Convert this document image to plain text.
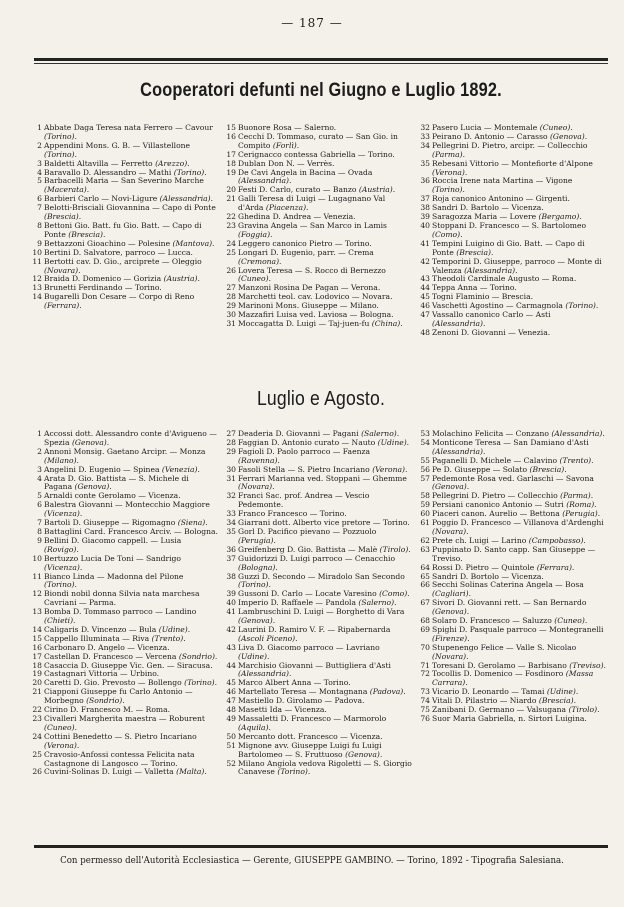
— 187 —
Cooperatori defunti nel Giugno e Luglio 1892.

1 Abbate Daga Teresa nata Ferrero — Cavour (Torino).

2 Appendini Mons. G. B. — Villastellone (Torino).

3 Baldetti Altavilla — Ferretto (Arezzo).

4 Baravallo D. Alessandro — Mathi (Torino).

5 Barbacelli Maria — San Severino Marche (Macerata).

6 Barbieri Carlo — Novi-Ligure (Alessandria).

7 Belotti-Brisciali Giovannina — Capo di Ponte (Brescia).

8 Bettoni Gio. Batt. fu Gio. Batt. — Capo di Ponte (Brescia).

9 Bettazzoni Gioachino — Polesine (Mantova).

10 Bertini D. Salvatore, parroco — Lucca.

11 Bertotti cav. D. Gio., arciprete — Oleggio (Novara).

12 Braida D. Domenico — Gorizia (Austria).

13 Brunetti Ferdinando — Torino.

14 Bugarelli Don Cesare — Corpo di Reno (Ferrara).

15 Buonore Rosa — Salerno.

16 Cecchi D. Tommaso, curato — San Gio. in Compito (Forlì).

17 Cerignacco contessa Gabriella — Torino.

18 Dublan Don N. — Verrès.

19 De Cavi Angela in Bacina — Ovada (Alessandria).

20 Festi D. Carlo, curato — Banzo (Austria).

21 Galli Teresa di Luigi — Lugagnano Val d'Arda (Piacenza).

22 Ghedina D. Andrea — Venezia.

23 Gravina Angela — San Marco in Lamis (Foggia).

24 Leggero canonico Pietro — Torino.

25 Longari D. Eugenio, parr. — Crema (Cremona).

26 Lovera Teresa — S. Rocco di Bernezzo (Cuneo).

27 Manzoni Rosina De Pagan — Verona.

28 Marchetti teol. cav. Lodovico — Novara.

29 Marinoni Mons. Giuseppe — Milano.

30 Mazzafiri Luisa ved. Laviosa — Bologna.

31 Moccagatta D. Luigi — Taj-juen-fu (China).

32 Pasero Lucia — Montemale (Cuneo).

33 Peirano D. Antonio — Carasso (Genova).

34 Pellegrini D. Pietro, arcipr. — Collecchio (Parma).

35 Rebesani Vittorio — Montefiorte d'Alpone (Verona).

36 Roccia Irene nata Martina — Vigone (Torino).

37 Roja canonico Antonino — Girgenti.

38 Sandri D. Bartolo — Vicenza.

39 Saragozza Maria — Lovere (Bergamo).

40 Stoppani D. Francesco — S. Bartolomeo (Como).

41 Tempini Luigino di Gio. Batt. — Capo di Ponte (Brescia).

42 Temporini D. Giuseppe, parroco — Monte di Valenza (Alessandria).

43 Theodoli Cardinale Augusto — Roma.

44 Teppa Anna — Torino.

45 Togni Flaminio — Brescia.

46 Vaschetti Agostino — Carmagnola (Torino).

47 Vassallo canonico Carlo — Asti (Alessandria).

48 Zenoni D. Giovanni — Venezia.

Luglio e Agosto.

1 Accossi dott. Alessandro conte d'Avigueno — Spezia (Genova).

2 Annoni Monsig. Gaetano Arcipr. — Monza (Milano).

3 Angelini D. Eugenio — Spinea (Venezia).

4 Arata D. Gio. Battista — S. Michele di Pagana (Genova).

5 Arnaldi conte Gerolamo — Vicenza.

6 Balestra Giovanni — Montecchio Maggiore (Vicenza).

7 Bartoli D. Giuseppe — Rigomagno (Siena).

8 Battaglini Card. Francesco Arciv. — Bologna.

9 Bellini D. Giacomo cappell. — Lusia (Rovigo).

10 Bertuzzo Lucia De Toni — Sandrigo (Vicenza).

11 Bianco Linda — Madonna del Pilone (Torino).

12 Biondi nobil donna Silvia nata marchesa Cavriani — Parma.

13 Bomba D. Tommaso parroco — Landino (Chieti).

14 Caligaris D. Vincenzo — Bula (Udine).

15 Cappello Illuminata — Riva (Trento).

16 Carbonaro D. Angelo — Vicenza.

17 Castellan D. Francesco — Vercena (Sondrio).

18 Casaccia D. Giuseppe Vic. Gen. — Siracusa.

19 Castagnari Vittoria — Urbino.

20 Caretti D. Gio. Prevosto — Bollengo (Torino).

21 Ciapponi Giuseppe fu Carlo Antonio — Morbegno (Sondrio).

22 Cirino D. Francesco M. — Roma.

23 Civalleri Margherita maestra — Roburent (Cuneo).

24 Cottini Benedetto — S. Pietro Incariano (Verona).

25 Cravosio-Anfossi contessa Felicita nata Castagnone di Langosco — Torino.

26 Cuvini-Solinas D. Luigi — Valletta (Malta).

27 Deaderia D. Giovanni — Pagani (Salerno).

28 Faggian D. Antonio curato — Nauto (Udine).

29 Fagioli D. Paolo parroco — Faenza (Ravenna).

30 Fasoli Stella — S. Pietro Incariano (Verona).

31 Ferrari Marianna ved. Stoppani — Ghemme (Novara).

32 Franci Sac. prof. Andrea — Vescio Pedemonte.

33 Franco Francesco — Torino.

34 Giarrani dott. Alberto vice pretore — Torino.

35 Gorl D. Pacifico pievano — Pozzuolo (Perugia).

36 Greifenberg D. Gio. Battista — Malè (Tirolo).

37 Guidorizzi D. Luigi parroco — Cenacchio (Bologna).

38 Guzzi D. Secondo — Miradolo San Secondo (Torino).

39 Gussoni D. Carlo — Locate Varesino (Como).

40 Imperio D. Raffaele — Pandola (Salerno).

41 Lambruschini D. Luigi — Borghetto di Vara (Genova).

42 Laurini D. Ramiro V. F. — Ripabernarda (Ascoli Piceno).

43 Liva D. Giacomo parroco — Lavriano (Udine).

44 Marchisio Giovanni — Buttigliera d'Asti (Alessandria).

45 Marco Albert Anna — Torino.

46 Martellato Teresa — Montagnana (Padova).

47 Mastiello D. Girolamo — Padova.

48 Masetti Ida — Vicenza.

49 Massaletti D. Francesco — Marmorolo (Aquila).

50 Mercanto dott. Francesco — Vicenza.

51 Mignone avv. Giuseppe Luigi fu Luigi Bartolomeo — S. Fruttuoso (Genova).

52 Milano Angiola vedova Rigoletti — S. Giorgio Canavese (Torino).

53 Molachino Felicita — Conzano (Alessandria).

54 Monticone Teresa — San Damiano d'Asti (Alessandria).

55 Paganelli D. Michele — Calavino (Trento).

56 Pe D. Giuseppe — Solato (Brescia).

57 Pedemonte Rosa ved. Garlaschi — Savona (Genova).

58 Pellegrini D. Pietro — Collecchio (Parma).

59 Persiani canonico Antonio — Sutri (Roma).

60 Piaceri canon. Aurelio — Bettona (Perugia).

61 Poggio D. Francesco — Villanova d'Ardenghi (Novara).

62 Prete ch. Luigi — Larino (Campobasso).

63 Puppinato D. Santo capp. San Giuseppe — Treviso.

64 Rossi D. Pietro — Quintole (Ferrara).

65 Sandri D. Bortolo — Vicenza.

66 Secchi Solinas Caterina Angela — Bosa (Cagliari).

67 Sivori D. Giovanni rett. — San Bernardo (Genova).

68 Solaro D. Francesco — Saluzzo (Cuneo).

69 Spighi D. Pasquale parroco — Montegranelli (Firenze).

70 Stupenengo Felice — Valle S. Nicolao (Novara).

71 Toresani D. Gerolamo — Barbisano (Treviso).

72 Tocollis D. Domenico — Fosdinoro (Massa Carrara).

73 Vicario D. Leonardo — Tamai (Udine).

74 Vitali D. Pilastrio — Niardo (Brescia).

75 Zanibani D. Germano — Valsugana (Tirolo).

76 Suor Maria Gabriella, n. Sirtori Luigina.

Con permesso dell'Autorità Ecclesiastica — Gerente, GIUSEPPE GAMBINO. — Torino, 1892 - Tipografia Salesiana.
